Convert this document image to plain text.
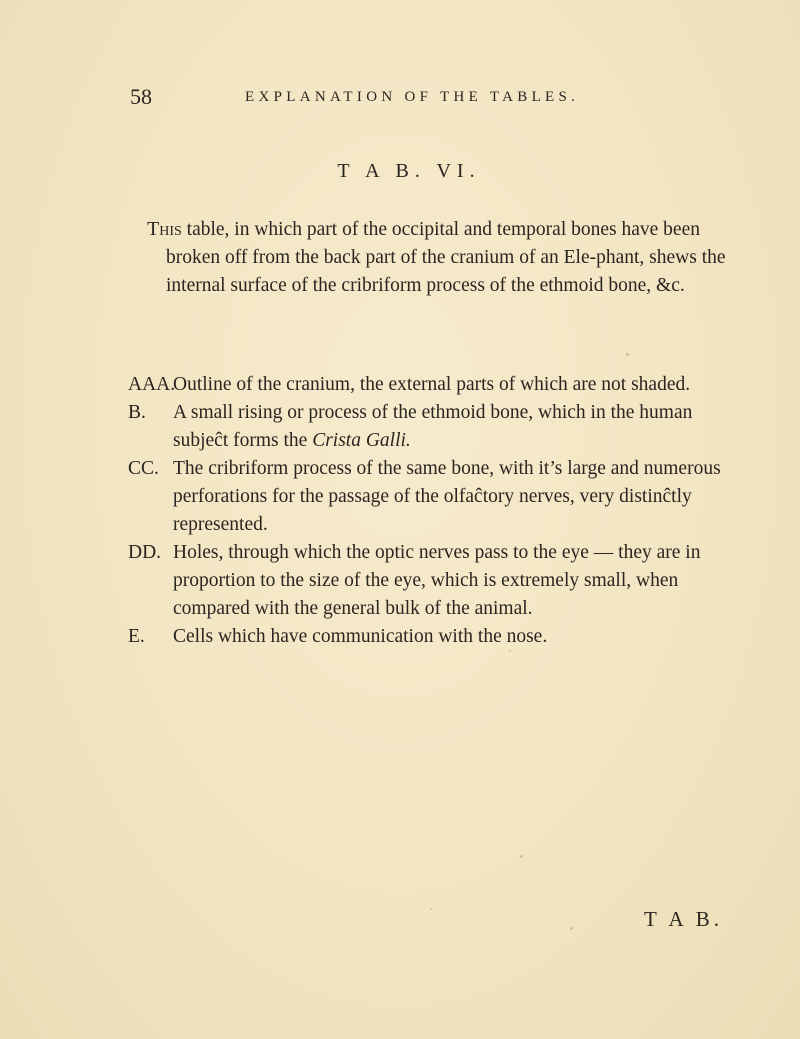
58	EXPLANATION OF THE TABLES.
T A B. VI.

This table, in which part of the occipital and temporal bones have been broken off from the back part of the cranium of an Ele-phant, shews the internal surface of the cribriform process of the ethmoid bone, &c.

AAA.
Outline of the cranium, the external parts of which are not shaded.

B. A small rising or process of the ethmoid bone, which in the human subjeĉt forms the Crista Galli.

CC. The cribriform process of the same bone, with it’s large and numerous perforations for the passage of the olfaĉtory nerves, very distinĉtly represented.

DD. Holes, through which the optic nerves pass to the eye — they are in proportion to the size of the eye, which is extremely small, when compared with the general bulk of the animal.

E. Cells which have communication with the nose.

T A B.
